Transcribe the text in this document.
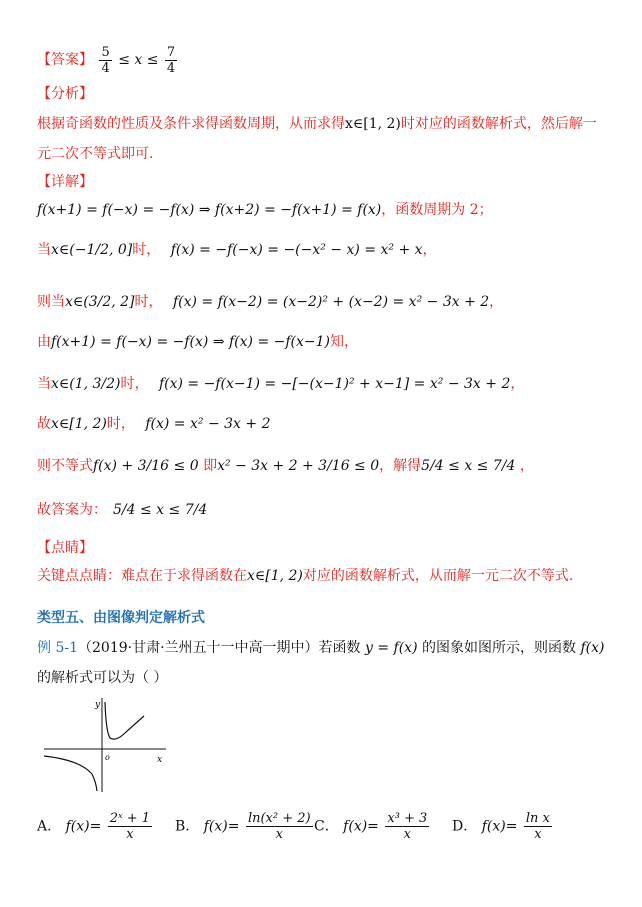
【答案】 $\frac{5}{4} \le x \le \frac{7}{4}$
【分析】
根据奇函数的性质及条件求得函数周期，从而求得x∈[1, 2)时对应的函数解析式，然后解一
元二次不等式即可.
【详解】
f(x+1) = f(−x) = −f(x) ⇒ f(x+2) = −f(x+1) = f(x)，函数周期为 2；
当x∈(−1/2, 0]时， f(x) = −f(−x) = −(−x² − x) = x² + x，
则当x∈(3/2, 2]时， f(x) = f(x−2) = (x−2)² + (x−2) = x² − 3x + 2，
由f(x+1) = f(−x) = −f(x) ⇒ f(x) = −f(x−1)知，
当x∈(1, 3/2)时， f(x) = −f(x−1) = −[−(x−1)² + x−1] = x² − 3x + 2，
故x∈[1, 2)时， f(x) = x² − 3x + 2
则不等式f(x) + 3/16 ≤ 0 即x² − 3x + 2 + 3/16 ≤ 0，解得5/4 ≤ x ≤ 7/4 ，
故答案为： 5/4 ≤ x ≤ 7/4
【点睛】
关键点点睛：难点在于求得函数在x∈[1, 2)对应的函数解析式，从而解一元二次不等式.
类型五、由图像判定解析式
例 5-1（2019·甘肃·兰州五十一中高一期中）若函数 y = f(x) 的图象如图所示，则函数 f(x)
的解析式可以为（ ）
y
x
o
A． $f(x)= \frac{\text{2ˣ + 1}}{x}$ B． $f(x)= \frac{\text{ln(x² + 2)}}{x}$ C． $f(x)= \frac{\text{x³ + 3}}{x}$ D． $f(x)= \frac{\text{ln x}}{x}$
